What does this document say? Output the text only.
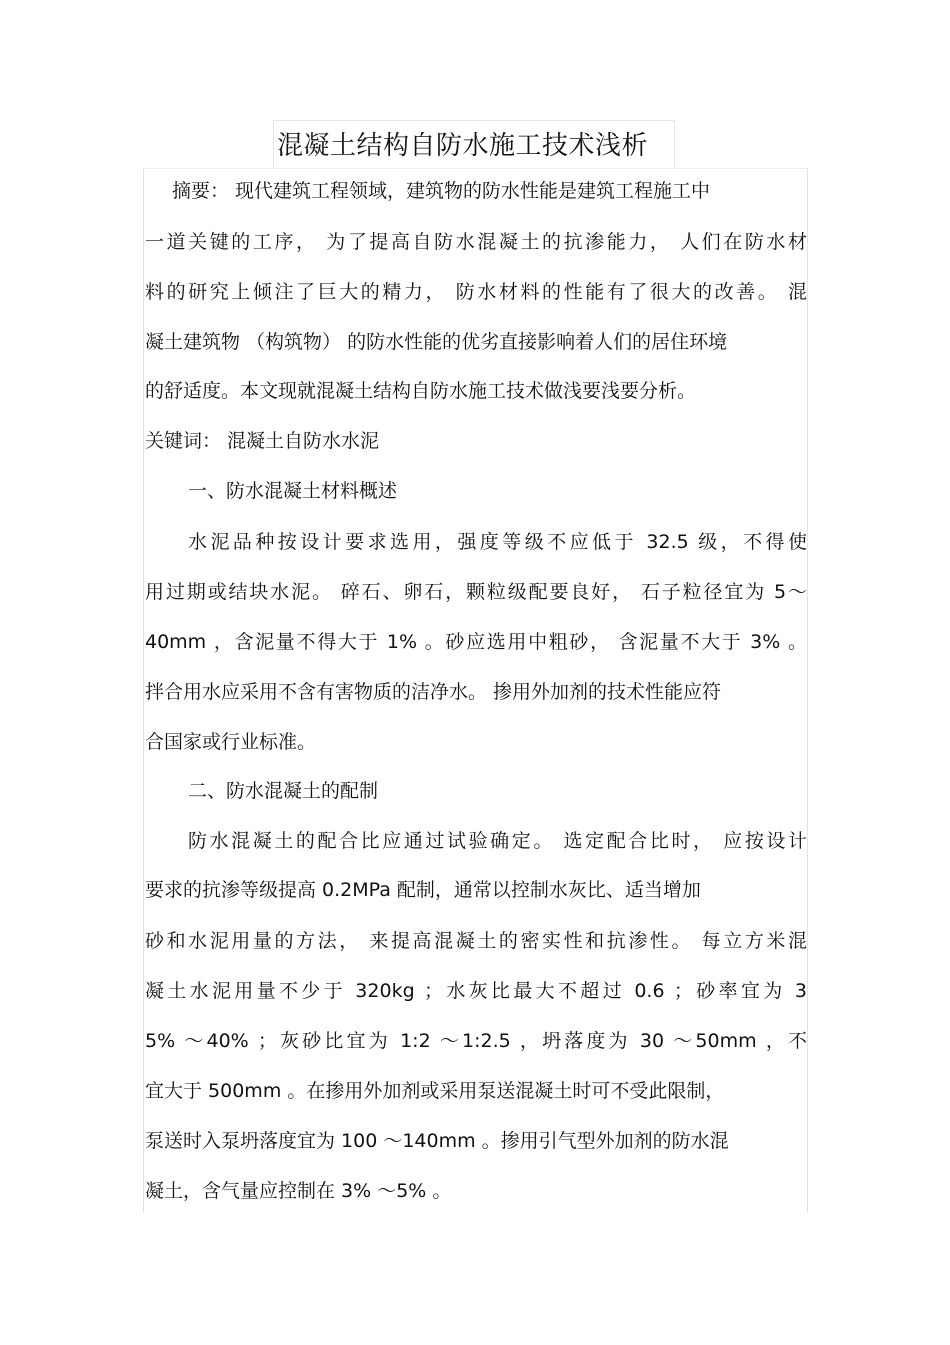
混凝土结构自防水施工技术浅析
摘要： 现代建筑工程领域，建筑物的防水性能是建筑工程施工中
一道关键的工序， 为了提高自防水混凝土的抗渗能力， 人们在防水材
料的研究上倾注了巨大的精力， 防水材料的性能有了很大的改善。 混
凝土建筑物 （构筑物） 的防水性能的优劣直接影响着人们的居住环境
的舒适度。本文现就混凝土结构自防水施工技术做浅要浅要分析。
关键词： 混凝土自防水水泥
一、防水混凝土材料概述
水泥品种按设计要求选用，强度等级不应低于 32.5 级，不得使
用过期或结块水泥。 碎石、卵石，颗粒级配要良好， 石子粒径宜为 5～
40mm ，含泥量不得大于 1% 。砂应选用中粗砂， 含泥量不大于 3% 。
拌合用水应采用不含有害物质的洁净水。 掺用外加剂的技术性能应符
合国家或行业标准。
二、防水混凝土的配制
防水混凝土的配合比应通过试验确定。 选定配合比时， 应按设计
要求的抗渗等级提高 0.2MPa 配制，通常以控制水灰比、适当增加
砂和水泥用量的方法， 来提高混凝土的密实性和抗渗性。 每立方米混
凝土水泥用量不少于 320kg ；水灰比最大不超过 0.6 ；砂率宜为 3
5% ～40% ；灰砂比宜为 1:2 ～1:2.5 ，坍落度为 30 ～50mm ，不
宜大于 500mm 。在掺用外加剂或采用泵送混凝土时可不受此限制，
泵送时入泵坍落度宜为 100 ～140mm 。掺用引气型外加剂的防水混
凝土，含气量应控制在 3% ～5% 。
